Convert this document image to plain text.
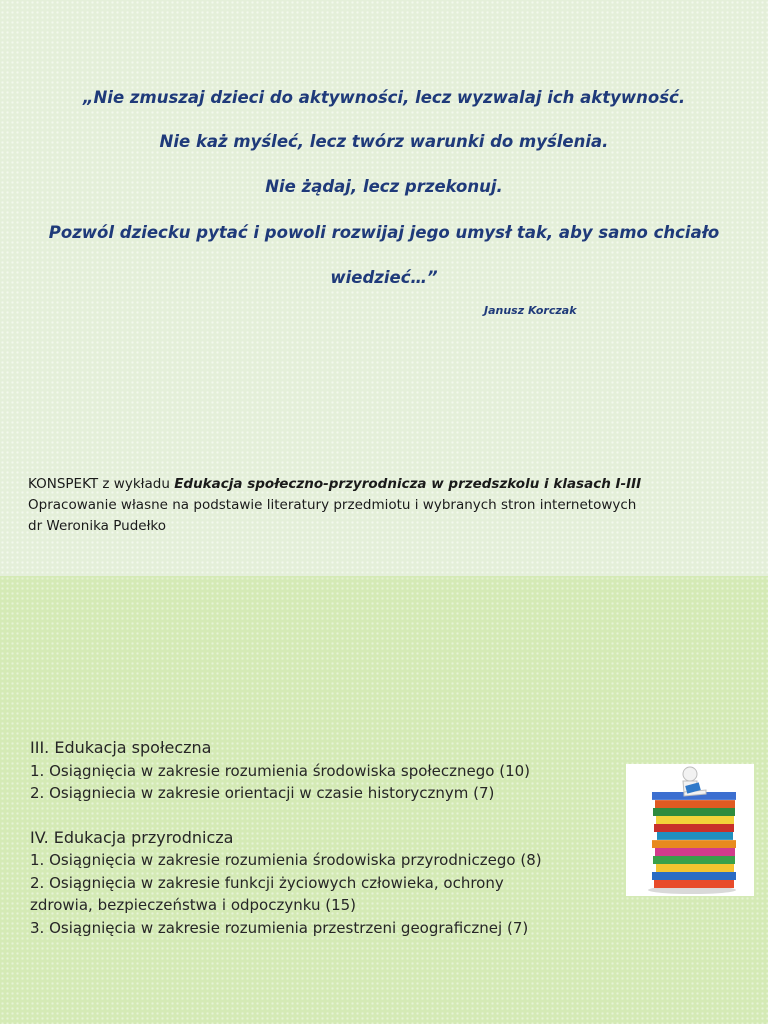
„Nie zmuszaj dzieci do aktywności, lecz wyzwalaj ich aktywność.
Nie każ myśleć, lecz twórz warunki do myślenia.
Nie żądaj, lecz przekonuj.
Pozwól dziecku pytać i powoli rozwijaj jego umysł tak, aby samo chciało
wiedzieć…”
Janusz Korczak
KONSPEKT z wykładu Edukacja społeczno-przyrodnicza w przedszkolu i klasach I-III
Opracowanie własne na podstawie literatury przedmiotu i wybranych stron internetowych
dr Weronika Pudełko
III. Edukacja społeczna
1. Osiągnięcia w zakresie rozumienia środowiska społecznego (10)
2. Osiągniecia w zakresie orientacji w czasie historycznym (7)
IV. Edukacja przyrodnicza
1. Osiągnięcia w zakresie rozumienia środowiska przyrodniczego (8)
2. Osiągnięcia w zakresie funkcji życiowych człowieka, ochrony
zdrowia, bezpieczeństwa i odpoczynku (15)
3. Osiągnięcia w zakresie rozumienia przestrzeni geograficznej (7)
